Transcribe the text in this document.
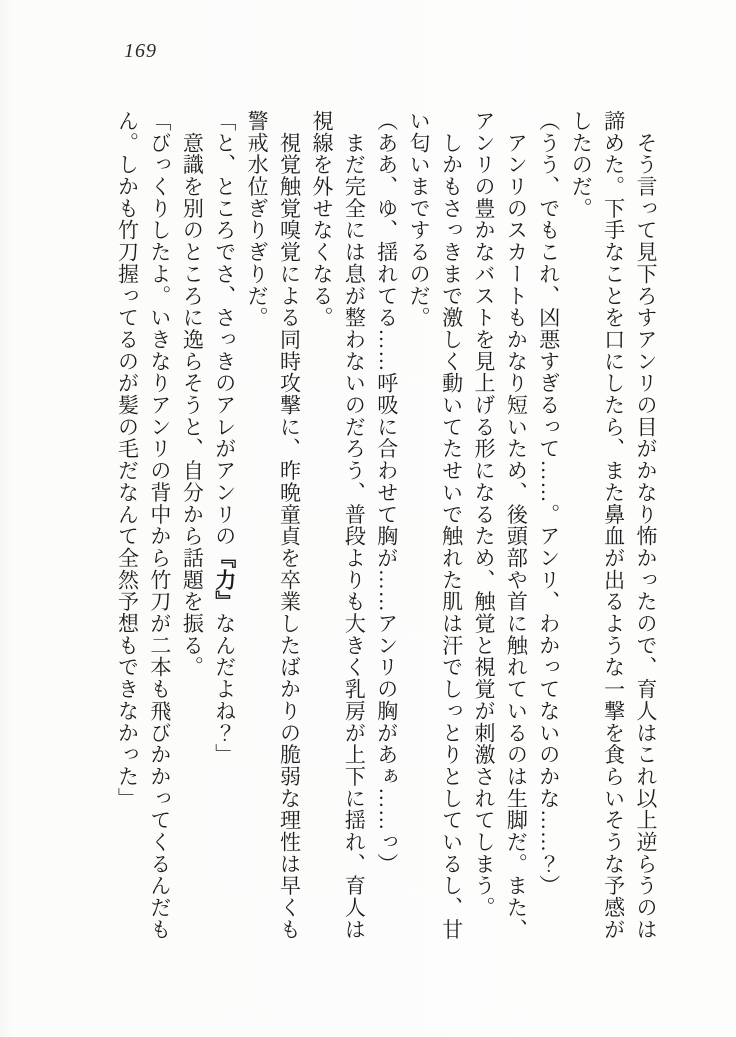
169

　そう言って見下ろすアンリの目がかなり怖かったので、育人はこれ以上逆らうのは

諦めた。下手なことを口にしたら、また鼻血が出るような一撃を食らいそうな予感が

したのだ。

（うう、でもこれ、凶悪すぎるって……。アンリ、わかってないのかな……？）

　アンリのスカートもかなり短いため、後頭部や首に触れているのは生脚だ。また、

アンリの豊かなバストを見上げる形になるため、触覚と視覚が刺激されてしまう。

　しかもさっきまで激しく動いてたせいで触れた肌は汗でしっとりとしているし、甘

い匂いまでするのだ。

（ああ、ゆ、揺れてる……呼吸に合わせて胸が……アンリの胸があぁ……っ）

　まだ完全には息が整わないのだろう、普段よりも大きく乳房が上下に揺れ、育人は

視線を外せなくなる。

　視覚触覚嗅覚による同時攻撃に、昨晩童貞を卒業したばかりの脆弱な理性は早くも

警戒水位ぎりぎりだ。

「と、ところでさ、さっきのアレがアンリの『力』なんだよね？」

　意識を別のところに逸らそうと、自分から話題を振る。

「びっくりしたよ。いきなりアンリの背中から竹刀が二本も飛びかかってくるんだも

ん。しかも竹刀握ってるのが髪の毛だなんて全然予想もできなかった」
